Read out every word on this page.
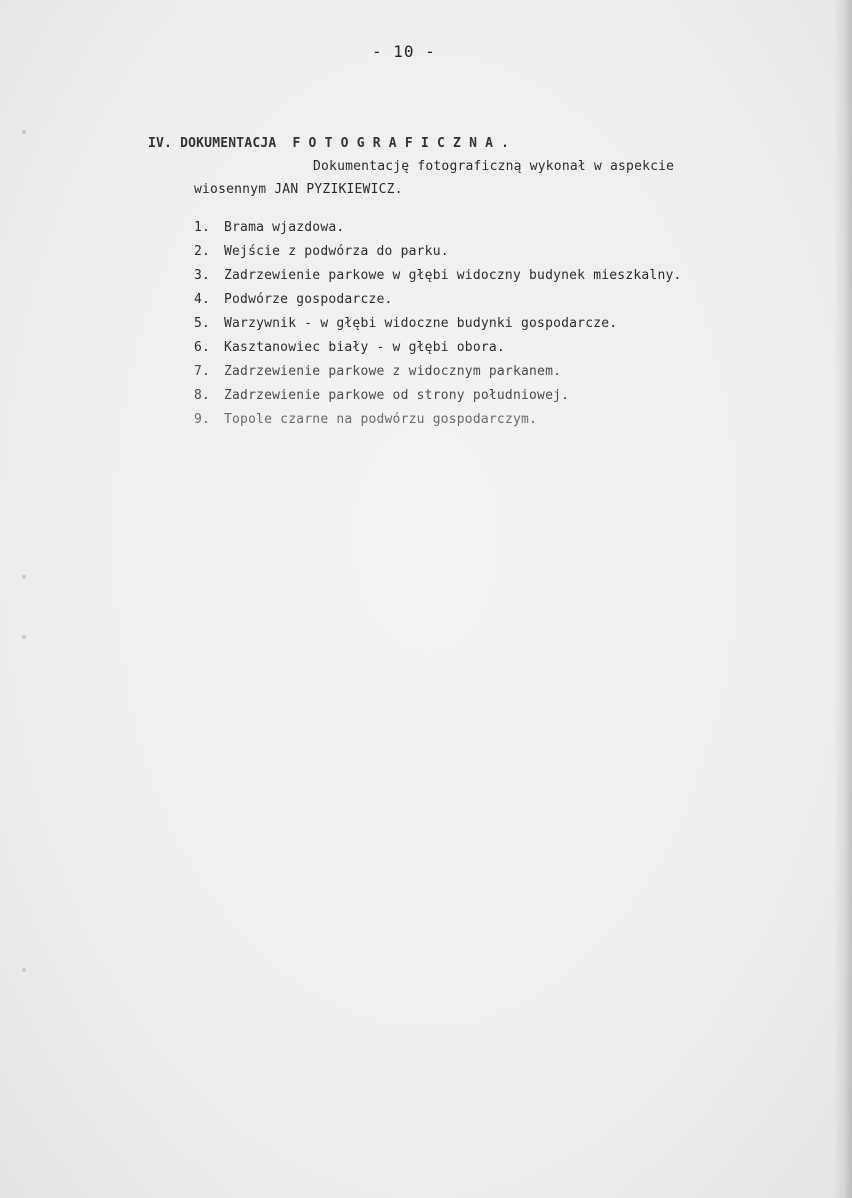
- 10 -
IV. DOKUMENTACJA  F O T O G R A F I C Z N A .
Dokumentację fotograficzną wykonał w aspekcie
wiosennym JAN PYZIKIEWICZ.
1. Brama wjazdowa.
2. Wejście z podwórza do parku.
3. Zadrzewienie parkowe w głębi widoczny budynek mieszkalny.
4. Podwórze gospodarcze.
5. Warzywnik - w głębi widoczne budynki gospodarcze.
6. Kasztanowiec biały - w głębi obora.
7. Zadrzewienie parkowe z widocznym parkanem.
8. Zadrzewienie parkowe od strony południowej.
9. Topole czarne na podwórzu gospodarczym.
